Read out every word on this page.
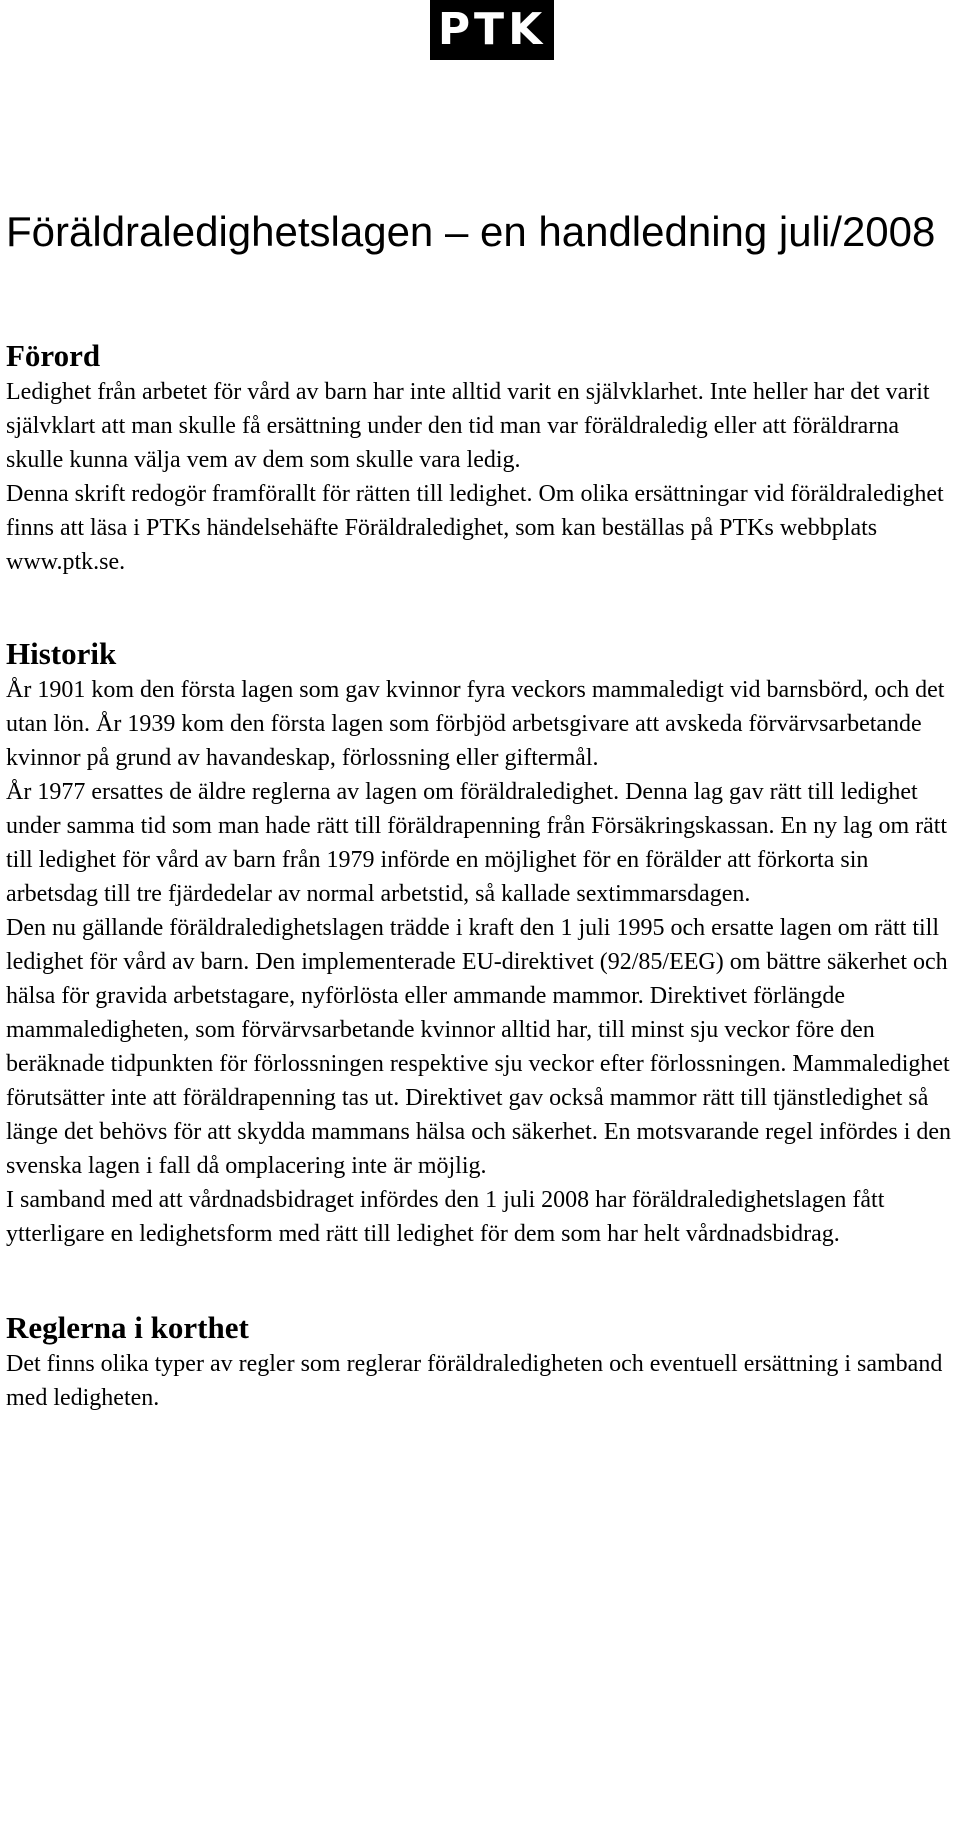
PTK
Föräldraledighetslagen – en handledning juli/2008
Förord

Ledighet från arbetet för vård av barn har inte alltid varit en självklarhet. Inte heller har det varit självklart att man skulle få ersättning under den tid man var föräldraledig eller att föräldrarna skulle kunna välja vem av dem som skulle vara ledig.

Denna skrift redogör framförallt för rätten till ledighet. Om olika ersättningar vid föräldraledighet finns att läsa i PTKs händelsehäfte Föräldraledighet, som kan beställas på PTKs webbplats www.ptk.se.

Historik

År 1901 kom den första lagen som gav kvinnor fyra veckors mammaledigt vid barnsbörd, och det utan lön. År 1939 kom den första lagen som förbjöd arbetsgivare att avskeda förvärvsarbetande kvinnor på grund av havandeskap, förlossning eller giftermål.

År 1977 ersattes de äldre reglerna av lagen om föräldraledighet. Denna lag gav rätt till ledighet under samma tid som man hade rätt till föräldrapenning från Försäkringskassan. En ny lag om rätt till ledighet för vård av barn från 1979 införde en möjlighet för en förälder att förkorta sin arbetsdag till tre fjärdedelar av normal arbetstid, så kallade sextimmarsdagen.

Den nu gällande föräldraledighetslagen trädde i kraft den 1 juli 1995 och ersatte lagen om rätt till ledighet för vård av barn. Den implementerade EU-direktivet (92/85/EEG) om bättre säkerhet och hälsa för gravida arbetstagare, nyförlösta eller ammande mammor. Direktivet förlängde mammaledigheten, som förvärvsarbetande kvinnor alltid har, till minst sju veckor före den beräknade tidpunkten för förlossningen respektive sju veckor efter förlossningen. Mammaledighet förutsätter inte att föräldrapenning tas ut. Direktivet gav också mammor rätt till tjänstledighet så länge det behövs för att skydda mammans hälsa och säkerhet. En motsvarande regel infördes i den svenska lagen i fall då omplacering inte är möjlig.

I samband med att vårdnadsbidraget infördes den 1 juli 2008 har föräldraledighetslagen fått ytterligare en ledighetsform med rätt till ledighet för dem som har helt vårdnadsbidrag.

Reglerna i korthet

Det finns olika typer av regler som reglerar föräldraledigheten och eventuell ersättning i samband med ledigheten.
